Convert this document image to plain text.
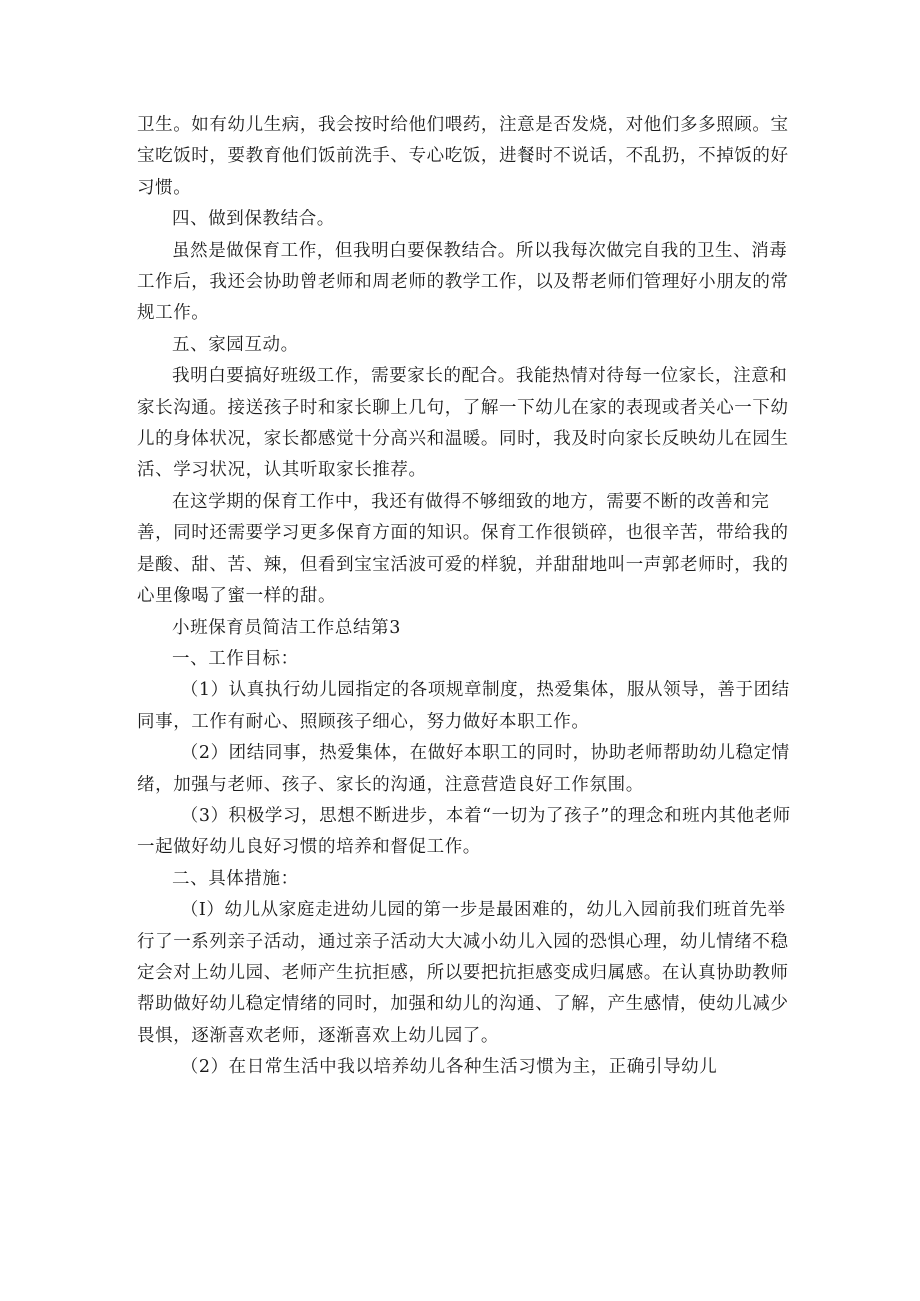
卫生。如有幼儿生病，我会按时给他们喂药，注意是否发烧，对他们多多照顾。宝宝吃饭时，要教育他们饭前洗手、专心吃饭，进餐时不说话，不乱扔，不掉饭的好习惯。

四、做到保教结合。

虽然是做保育工作，但我明白要保教结合。所以我每次做完自我的卫生、消毒工作后，我还会协助曾老师和周老师的教学工作，以及帮老师们管理好小朋友的常规工作。

五、家园互动。

我明白要搞好班级工作，需要家长的配合。我能热情对待每一位家长，注意和家长沟通。接送孩子时和家长聊上几句，了解一下幼儿在家的表现或者关心一下幼儿的身体状况，家长都感觉十分高兴和温暖。同时，我及时向家长反映幼儿在园生活、学习状况，认其听取家长推荐。

在这学期的保育工作中，我还有做得不够细致的地方，需要不断的改善和完善，同时还需要学习更多保育方面的知识。保育工作很锁碎，也很辛苦，带给我的是酸、甜、苦、辣，但看到宝宝活波可爱的样貌，并甜甜地叫一声郭老师时，我的心里像喝了蜜一样的甜。

小班保育员简洁工作总结第3

一、工作目标：

（1）认真执行幼儿园指定的各项规章制度，热爱集体，服从领导，善于团结同事，工作有耐心、照顾孩子细心，努力做好本职工作。

（2）团结同事，热爱集体，在做好本职工的同时，协助老师帮助幼儿稳定情绪，加强与老师、孩子、家长的沟通，注意营造良好工作氛围。

（3）积极学习，思想不断进步，本着“一切为了孩子”的理念和班内其他老师一起做好幼儿良好习惯的培养和督促工作。

二、具体措施：

（I）幼儿从家庭走进幼儿园的第一步是最困难的，幼儿入园前我们班首先举行了一系列亲子活动，通过亲子活动大大减小幼儿入园的恐惧心理，幼儿情绪不稳定会对上幼儿园、老师产生抗拒感，所以要把抗拒感变成归属感。在认真协助教师帮助做好幼儿稳定情绪的同时，加强和幼儿的沟通、了解，产生感情，使幼儿减少畏惧，逐渐喜欢老师，逐渐喜欢上幼儿园了。

（2）在日常生活中我以培养幼儿各种生活习惯为主，正确引导幼儿
